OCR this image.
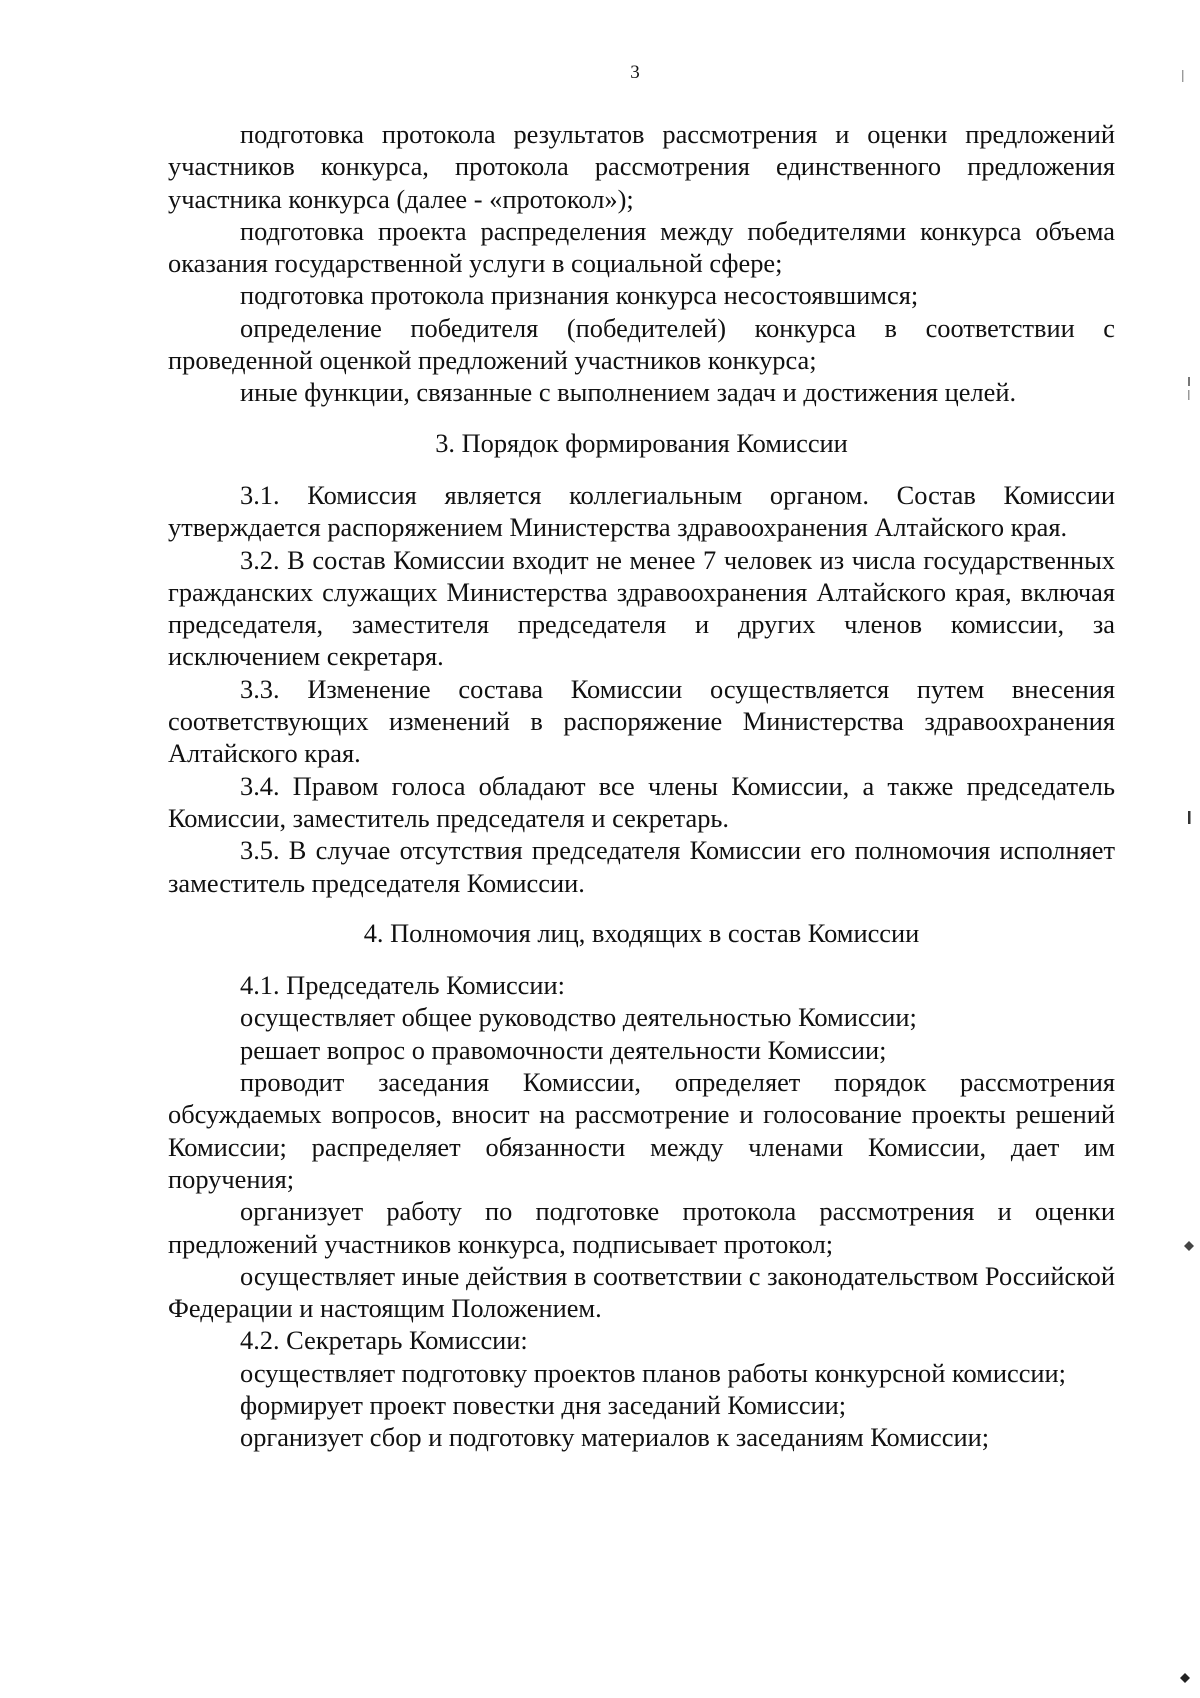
3

подготовка протокола результатов рассмотрения и оценки предложений участников конкурса, протокола рассмотрения единственного предложения участника конкурса (далее - «протокол»);

подготовка проекта распределения между победителями конкурса объема оказания государственной услуги в социальной сфере;

подготовка протокола признания конкурса несостоявшимся;

определение победителя (победителей) конкурса в соответствии с проведенной оценкой предложений участников конкурса;

иные функции, связанные с выполнением задач и достижения целей.

3. Порядок формирования Комиссии

3.1. Комиссия является коллегиальным органом. Состав Комиссии утверждается распоряжением Министерства здравоохранения Алтайского края.

3.2. В состав Комиссии входит не менее 7 человек из числа государственных гражданских служащих Министерства здравоохранения Алтайского края, включая председателя, заместителя председателя и других членов комиссии, за исключением секретаря.

3.3. Изменение состава Комиссии осуществляется путем внесения соответствующих изменений в распоряжение Министерства здравоохранения Алтайского края.

3.4. Правом голоса обладают все члены Комиссии, а также председатель Комиссии, заместитель председателя и секретарь.

3.5. В случае отсутствия председателя Комиссии его полномочия исполняет заместитель председателя Комиссии.

4. Полномочия лиц, входящих в состав Комиссии

4.1. Председатель Комиссии:

осуществляет общее руководство деятельностью Комиссии;

решает вопрос о правомочности деятельности Комиссии;

проводит заседания Комиссии, определяет порядок рассмотрения обсуждаемых вопросов, вносит на рассмотрение и голосование проекты решений Комиссии; распределяет обязанности между членами Комиссии, дает им поручения;

организует работу по подготовке протокола рассмотрения и оценки предложений участников конкурса, подписывает протокол;

осуществляет иные действия в соответствии с законодательством Российской Федерации и настоящим Положением.

4.2. Секретарь Комиссии:

осуществляет подготовку проектов планов работы конкурсной комиссии;

формирует проект повестки дня заседаний Комиссии;

организует сбор и подготовку материалов к заседаниям Комиссии;
